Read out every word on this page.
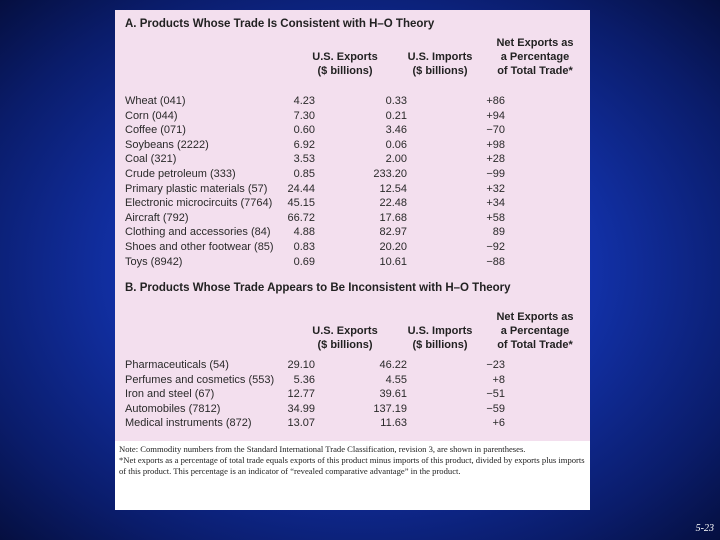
A. Products Whose Trade Is Consistent with H–O Theory
U.S. Exports
($ billions)
U.S. Imports
($ billions)
Net Exports as
a Percentage
of Total Trade*
Wheat (041)	4.23	0.33	+86
Corn (044)	7.30	0.21	+94
Coffee (071)	0.60	3.46	−70
Soybeans (2222)	6.92	0.06	+98
Coal (321)	3.53	2.00	+28
Crude petroleum (333)	0.85	233.20	−99
Primary plastic materials (57) 24.44	12.54	+32
Electronic microcircuits (7764) 45.15	22.48	+34
Aircraft (792)	66.72	17.68	+58
Clothing and accessories (84) 4.88	82.97	89
Shoes and other footwear (85) 0.83	20.20	−92
Toys (8942)	0.69	10.61	−88
B. Products Whose Trade Appears to Be Inconsistent with H–O Theory
U.S. Exports
($ billions)
U.S. Imports
($ billions)
Net Exports as
a Percentage
of Total Trade*
Pharmaceuticals (54)	29.10	46.22	−23
Perfumes and cosmetics (553) 5.36	4.55	+8
Iron and steel (67)	12.77	39.61	−51
Automobiles (7812)	34.99	137.19	−59
Medical instruments (872)	13.07	11.63	+6
Note: Commodity numbers from the Standard International Trade Classification, revision 3, are shown in parentheses.
*Net exports as a percentage of total trade equals exports of this product minus imports of this product, divided by exports plus imports of this product. This percentage is an indicator of “revealed comparative advantage” in the product.
5-23
